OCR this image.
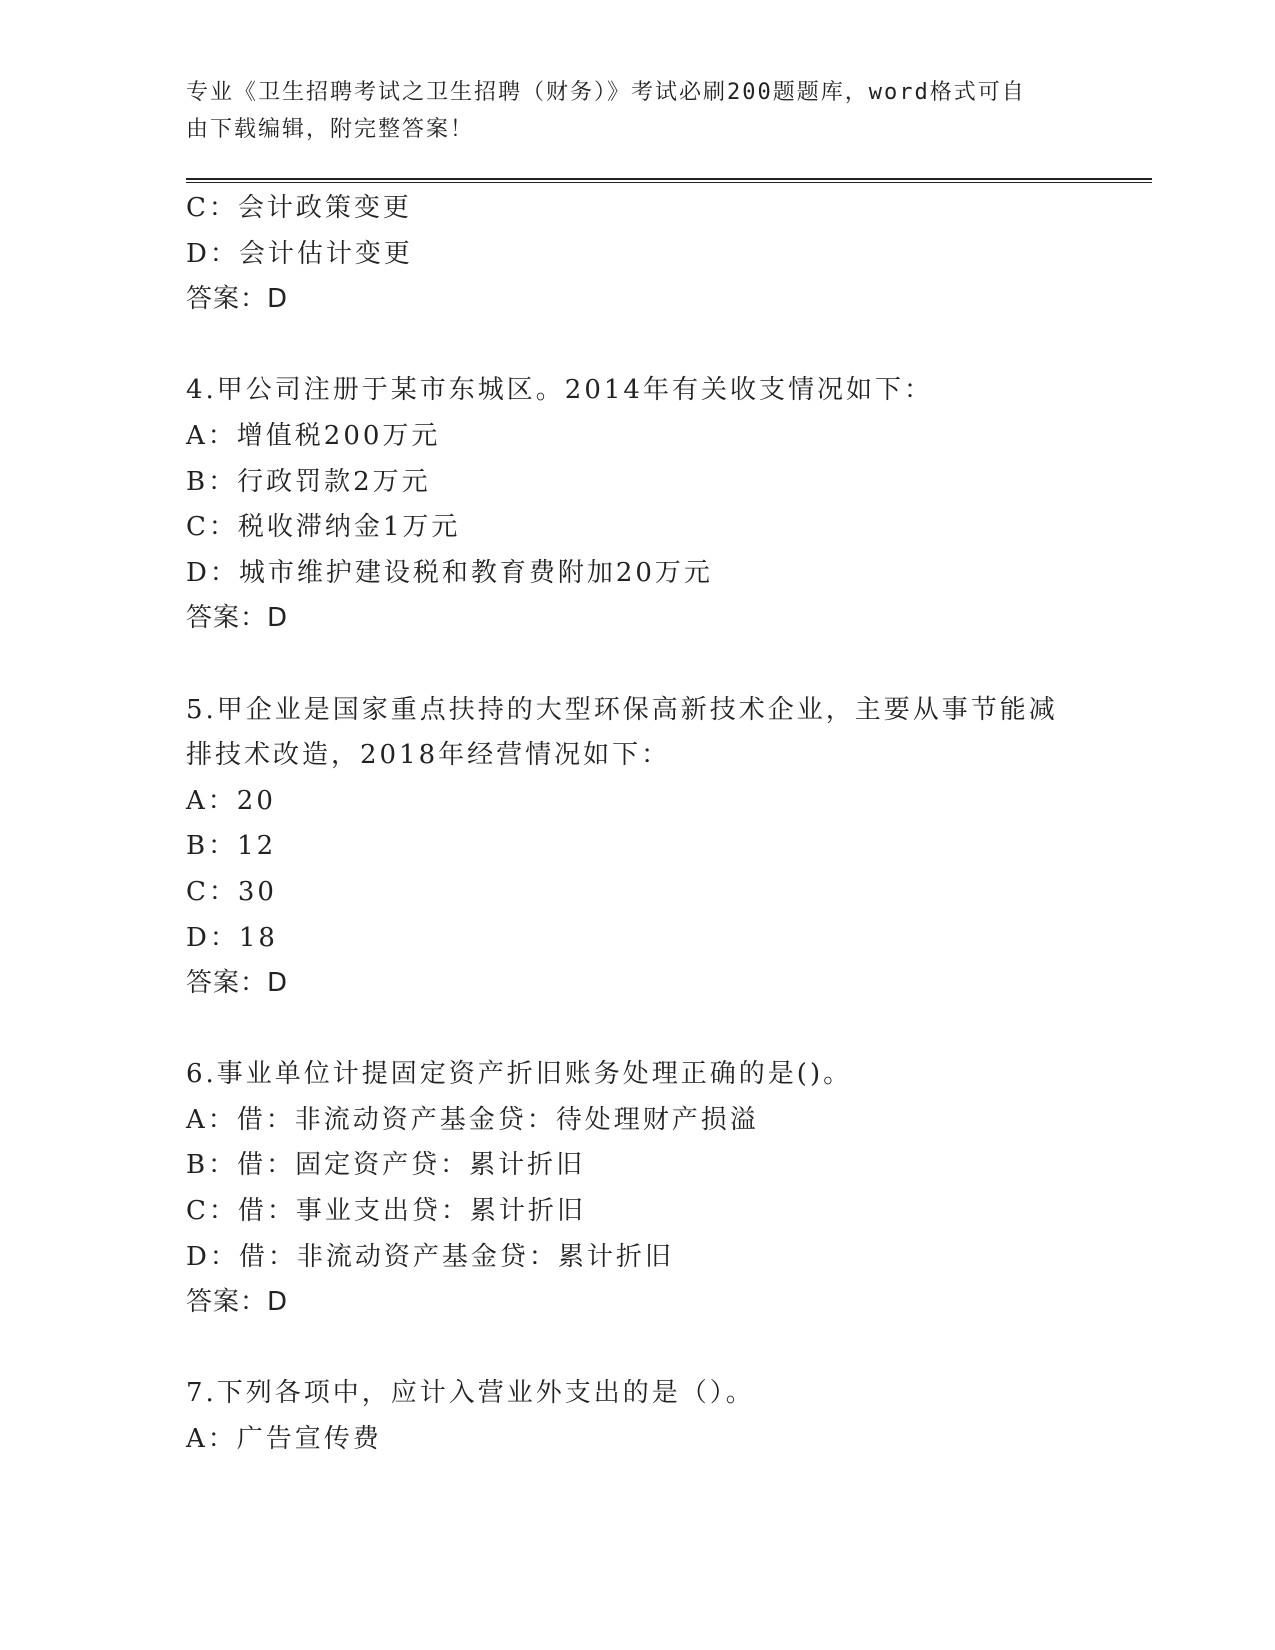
专业《卫生招聘考试之卫生招聘（财务）》考试必刷200题题库，word格式可自
由下载编辑，附完整答案！
C：会计政策变更
D：会计估计变更
答案：D
4.甲公司注册于某市东城区。2014年有关收支情况如下：
A：增值税200万元
B：行政罚款2万元
C：税收滞纳金1万元
D：城市维护建设税和教育费附加20万元
答案：D
5.甲企业是国家重点扶持的大型环保高新技术企业，主要从事节能减
排技术改造，2018年经营情况如下：
A：20
B：12
C：30
D：18
答案：D
6.事业单位计提固定资产折旧账务处理正确的是()。
A：借：非流动资产基金贷：待处理财产损溢
B：借：固定资产贷：累计折旧
C：借：事业支出贷：累计折旧
D：借：非流动资产基金贷：累计折旧
答案：D
7.下列各项中，应计入营业外支出的是（）。
A：广告宣传费
